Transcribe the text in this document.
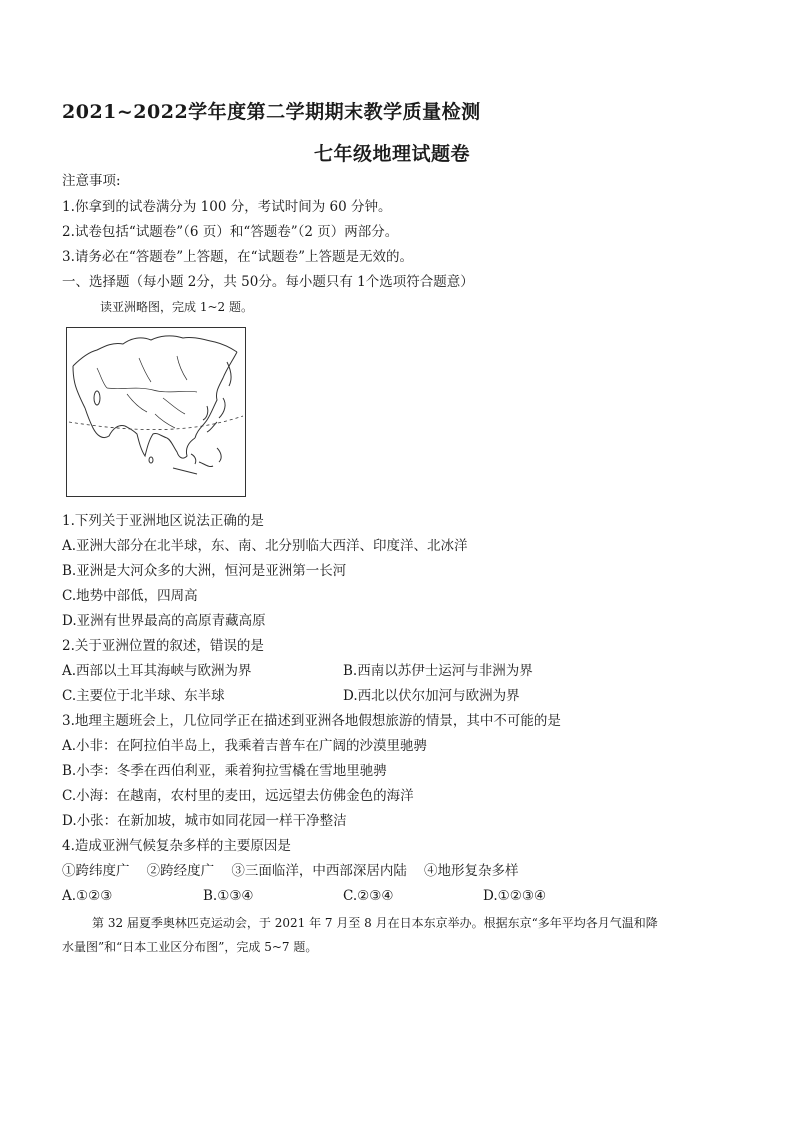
2021~2022学年度第二学期期末教学质量检测
七年级地理试题卷
注意事项:
1.你拿到的试卷满分为 100 分，考试时间为 60 分钟。
2.试卷包括“试题卷”（6 页）和“答题卷”（2 页）两部分。
3.请务必在“答题卷”上答题，在“试题卷”上答题是无效的。
一、选择题（每小题 2分，共 50分。每小题只有 1个选项符合题意）
读亚洲略图，完成 1~2 题。
1.下列关于亚洲地区说法正确的是
A.亚洲大部分在北半球，东、南、北分别临大西洋、印度洋、北冰洋
B.亚洲是大河众多的大洲，恒河是亚洲第一长河
C.地势中部低，四周高
D.亚洲有世界最高的高原青藏高原
2.关于亚洲位置的叙述，错误的是
A.西部以土耳其海峡与欧洲为界	B.西南以苏伊士运河与非洲为界
C.主要位于北半球、东半球	D.西北以伏尔加河与欧洲为界
3.地理主题班会上，几位同学正在描述到亚洲各地假想旅游的情景，其中不可能的是
A.小非：在阿拉伯半岛上，我乘着吉普车在广阔的沙漠里驰骋
B.小李：冬季在西伯利亚，乘着狗拉雪橇在雪地里驰骋
C.小海：在越南，农村里的麦田，远远望去仿佛金色的海洋
D.小张：在新加坡，城市如同花园一样干净整洁
4.造成亚洲气候复杂多样的主要原因是
①跨纬度广    ②跨经度广    ③三面临洋，中西部深居内陆    ④地形复杂多样
A.①②③	B.①③④	C.②③④	D.①②③④
第 32 届夏季奥林匹克运动会，于 2021 年 7 月至 8 月在日本东京举办。根据东京“多年平均各月气温和降
水量图”和“日本工业区分布图”，完成 5~7 题。
